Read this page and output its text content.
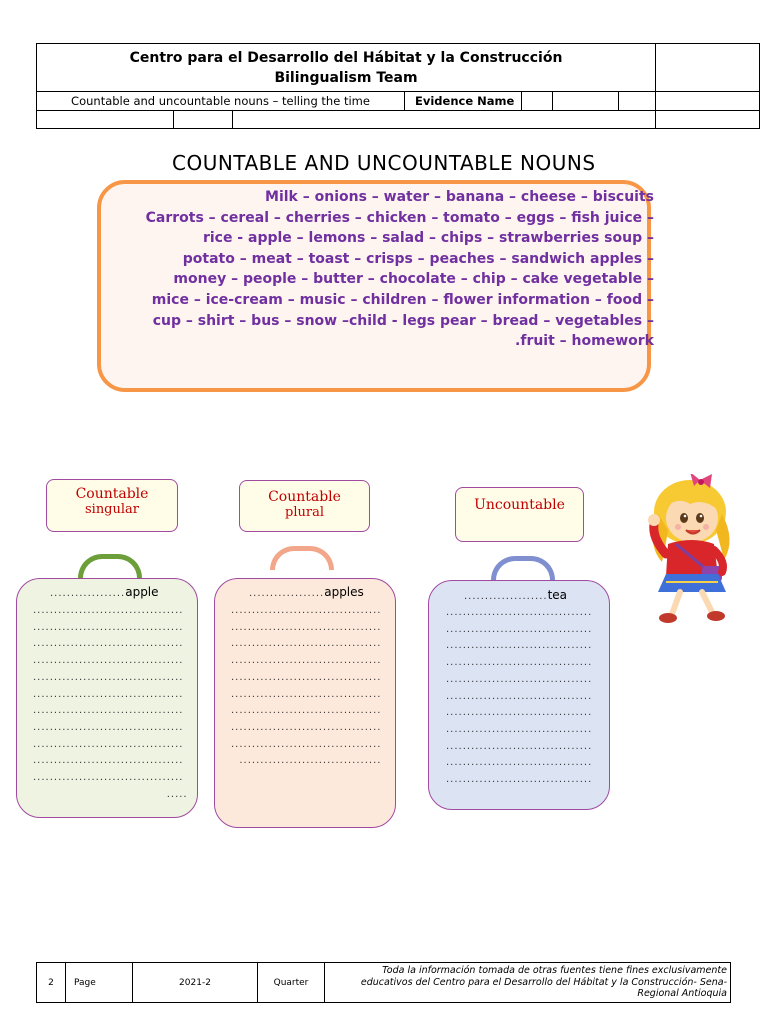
Centro para el Desarrollo del Hábitat y la Construcción
Bilingualism Team							

Countable and uncountable nouns – telling the time			Evidence Name				

COUNTABLE AND UNCOUNTABLE NOUNS
Milk – onions – water – banana – cheese – biscuits
Carrots – cereal – cherries – chicken – tomato – eggs – fish juice –
rice - apple – lemons – salad – chips – strawberries soup –
potato – meat – toast – crisps – peaches – sandwich apples –
money – people – butter – chocolate – chip – cake vegetable –
mice – ice-cream – music – children – flower information – food –
cup – shirt – bus – snow –child - legs pear – bread – vegetables –
.fruit – homework
Countable
singular
Countable
plural	Uncountable
..................apple
....................................
....................................
....................................
....................................
....................................
....................................
....................................
....................................
....................................
....................................
....................................
.....
..................apples
....................................
....................................
....................................
....................................
....................................
....................................
....................................
....................................
....................................
..................................
....................tea
...................................
...................................
...................................
...................................
...................................
...................................
...................................
...................................
...................................
...................................
...................................
2	Page	2021-2	Quarter	Toda la información tomada de otras fuentes tiene fines exclusivamente educativos del Centro para el Desarrollo del Hábitat y la Construcción- Sena- Regional Antioquia
